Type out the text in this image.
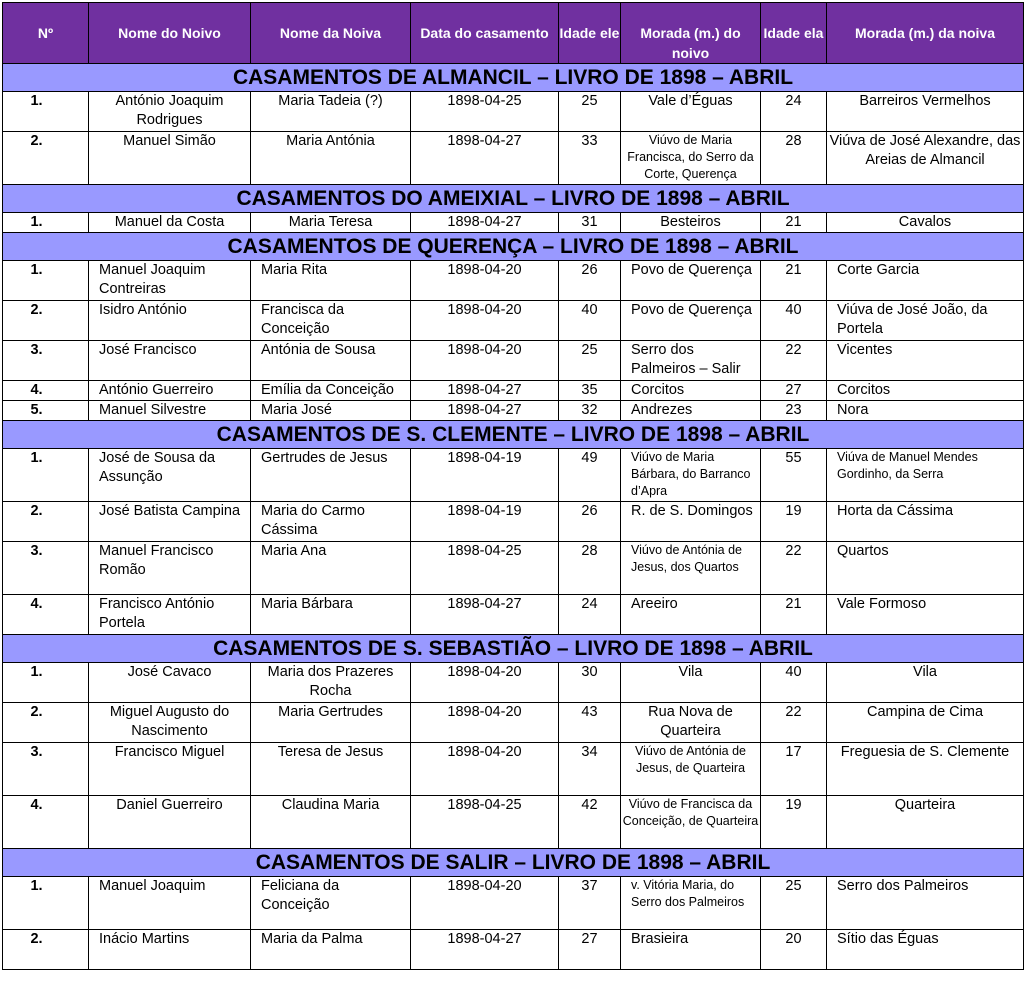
Nº	Nome do Noivo	Nome da Noiva	Data do casamento	Idade ele	Morada (m.) do noivo	Idade ela	Morada (m.) da noiva
CASAMENTOS DE ALMANCIL – LIVRO DE 1898 – ABRIL							
1.	António Joaquim Rodrigues	Maria Tadeia (?)	1898-04-25	25	Vale d’Éguas	24	Barreiros Vermelhos
2.	Manuel Simão	Maria Antónia	1898-04-27	33	Viúvo de Maria Francisca, do Serro da Corte, Querença	28	Viúva de José Alexandre, das Areias de Almancil
CASAMENTOS DO AMEIXIAL – LIVRO DE 1898 – ABRIL							
1.	Manuel da Costa	Maria Teresa	1898-04-27	31	Besteiros	21	Cavalos
CASAMENTOS DE QUERENÇA – LIVRO DE 1898 – ABRIL							
1.	Manuel Joaquim Contreiras	Maria Rita	1898-04-20	26	Povo de Querença	21	Corte Garcia
2.	Isidro António	Francisca da Conceição	1898-04-20	40	Povo de Querença	40	Viúva de José João, da Portela
3.	José Francisco	Antónia de Sousa	1898-04-20	25	Serro dos Palmeiros – Salir	22	Vicentes
4.	António Guerreiro	Emília da Conceição	1898-04-27	35	Corcitos	27	Corcitos
5.	Manuel Silvestre	Maria José	1898-04-27	32	Andrezes	23	Nora
CASAMENTOS DE S. CLEMENTE – LIVRO DE 1898 – ABRIL							
1.	José de Sousa da Assunção	Gertrudes de Jesus	1898-04-19	49	Viúvo de Maria Bárbara, do Barranco d’Apra	55	Viúva de Manuel Mendes Gordinho, da Serra
2.	José Batista Campina	Maria do Carmo Cássima	1898-04-19	26	R. de S. Domingos	19	Horta da Cássima
3.	Manuel Francisco Romão	Maria Ana	1898-04-25	28	Viúvo de Antónia de Jesus, dos Quartos	22	Quartos
4.	Francisco António Portela	Maria Bárbara	1898-04-27	24	Areeiro	21	Vale Formoso
CASAMENTOS DE S. SEBASTIÃO – LIVRO DE 1898 – ABRIL							
1.	José Cavaco	Maria dos Prazeres Rocha	1898-04-20	30	Vila	40	Vila
2.	Miguel Augusto do Nascimento	Maria Gertrudes	1898-04-20	43	Rua Nova de Quarteira	22	Campina de Cima
3.	Francisco Miguel	Teresa de Jesus	1898-04-20	34	Viúvo de Antónia de Jesus, de Quarteira	17	Freguesia de S. Clemente
4.	Daniel Guerreiro	Claudina Maria	1898-04-25	42	Viúvo de Francisca da Conceição, de Quarteira	19	Quarteira
CASAMENTOS DE SALIR – LIVRO DE 1898 – ABRIL							
1.	Manuel Joaquim	Feliciana da Conceição	1898-04-20	37	v. Vitória Maria, do Serro dos Palmeiros	25	Serro dos Palmeiros
2.	Inácio Martins	Maria da Palma	1898-04-27	27	Brasieira	20	Sítio das Éguas
